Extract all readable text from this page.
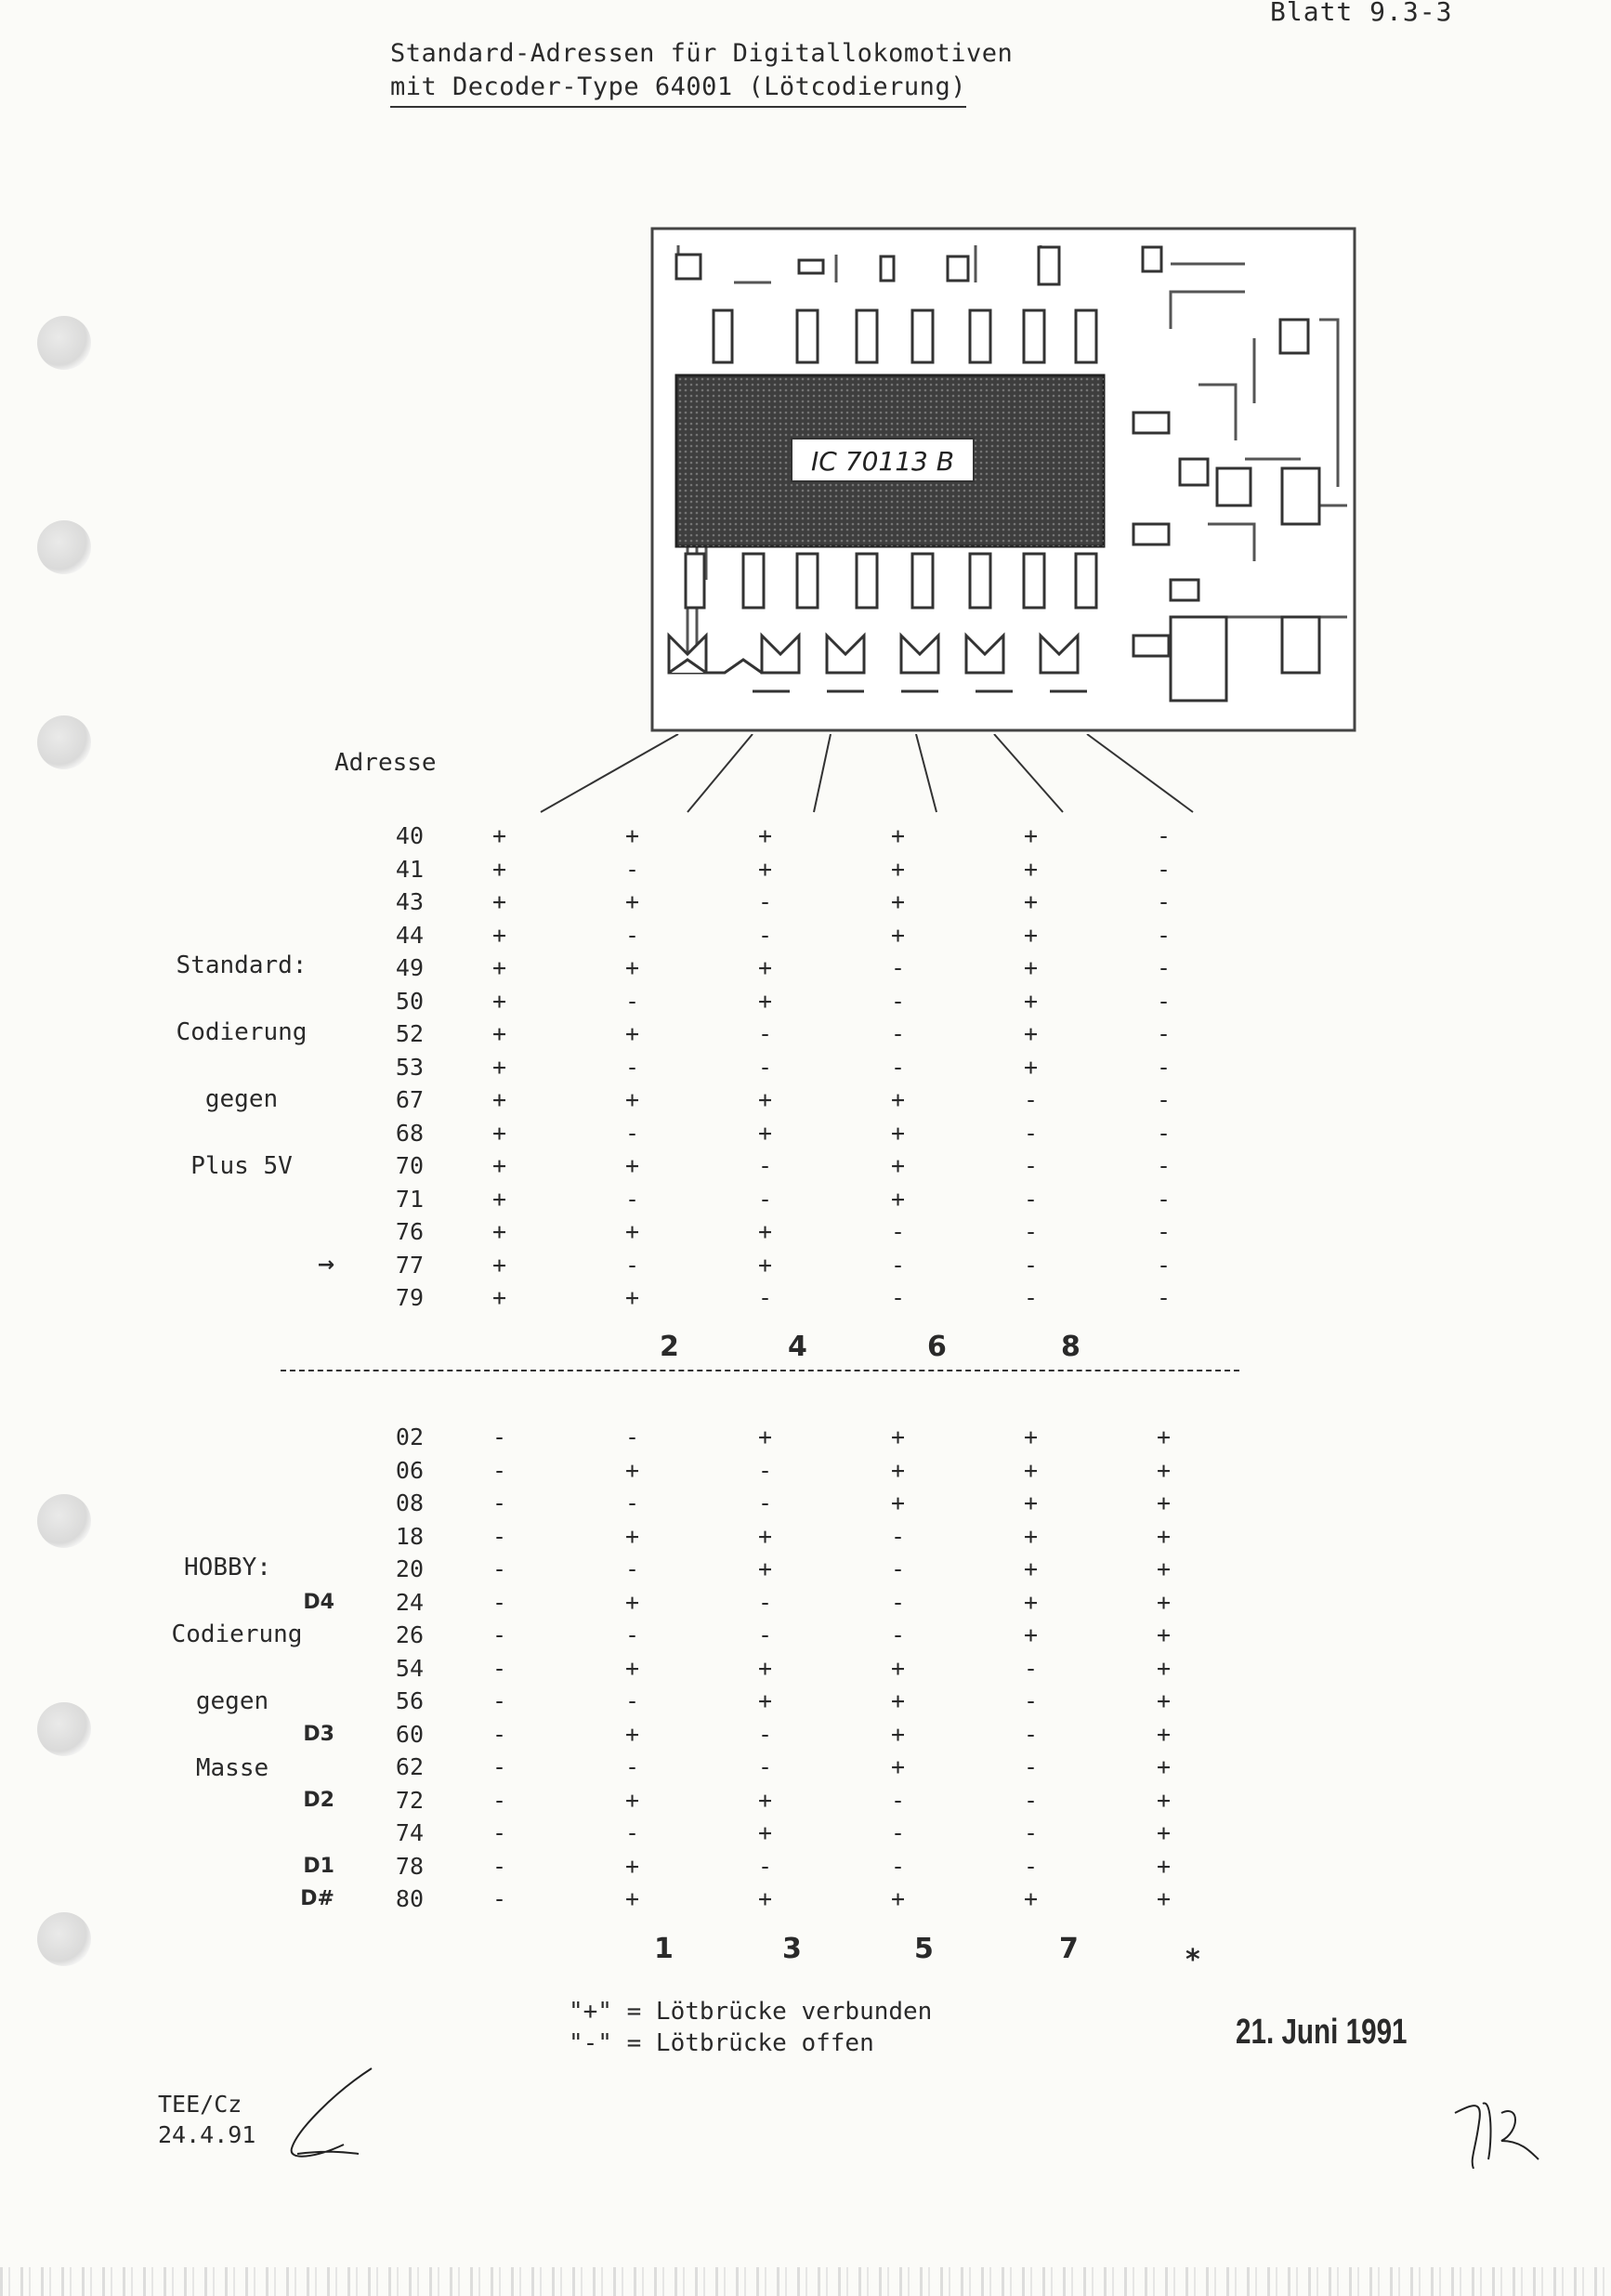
Blatt 9.3-3
Standard-Adressen für Digitallokomotiven
mit Decoder-Type 64001 (Lötcodierung)
IC 70113 B
Adresse
Standard:
Codierung
gegen
Plus 5V
	40	+	+	+	+	+	-
	41	+	-	+	+	+	-
	43	+	+	-	+	+	-
	44	+	-	-	+	+	-
	49	+	+	+	-	+	-
	50	+	-	+	-	+	-
	52	+	+	-	-	+	-
	53	+	-	-	-	+	-
	67	+	+	+	+	-	-
	68	+	-	+	+	-	-
	70	+	+	-	+	-	-
	71	+	-	-	+	-	-
	76	+	+	+	-	-	-
→	77	+	-	+	-	-	-
	79	+	+	-	-	-	-
2	4	6	8
HOBBY:
Codierung
gegen
Masse
	02	-	-	+	+	+	+
	06	-	+	-	+	+	+
	08	-	-	-	+	+	+
	18	-	+	+	-	+	+
	20	-	-	+	-	+	+
D4	24	-	+	-	-	+	+
	26	-	-	-	-	+	+
	54	-	+	+	+	-	+
	56	-	-	+	+	-	+
D3	60	-	+	-	+	-	+
	62	-	-	-	+	-	+
D2	72	-	+	+	-	-	+
	74	-	-	+	-	-	+
D1	78	-	+	-	-	-	+
D#	80	-	+	+	+	+	+
1	3	5	7	*
"+" = Lötbrücke verbunden
"-" = Lötbrücke offen	21. Juni 1991
TEE/Cz
24.4.91
